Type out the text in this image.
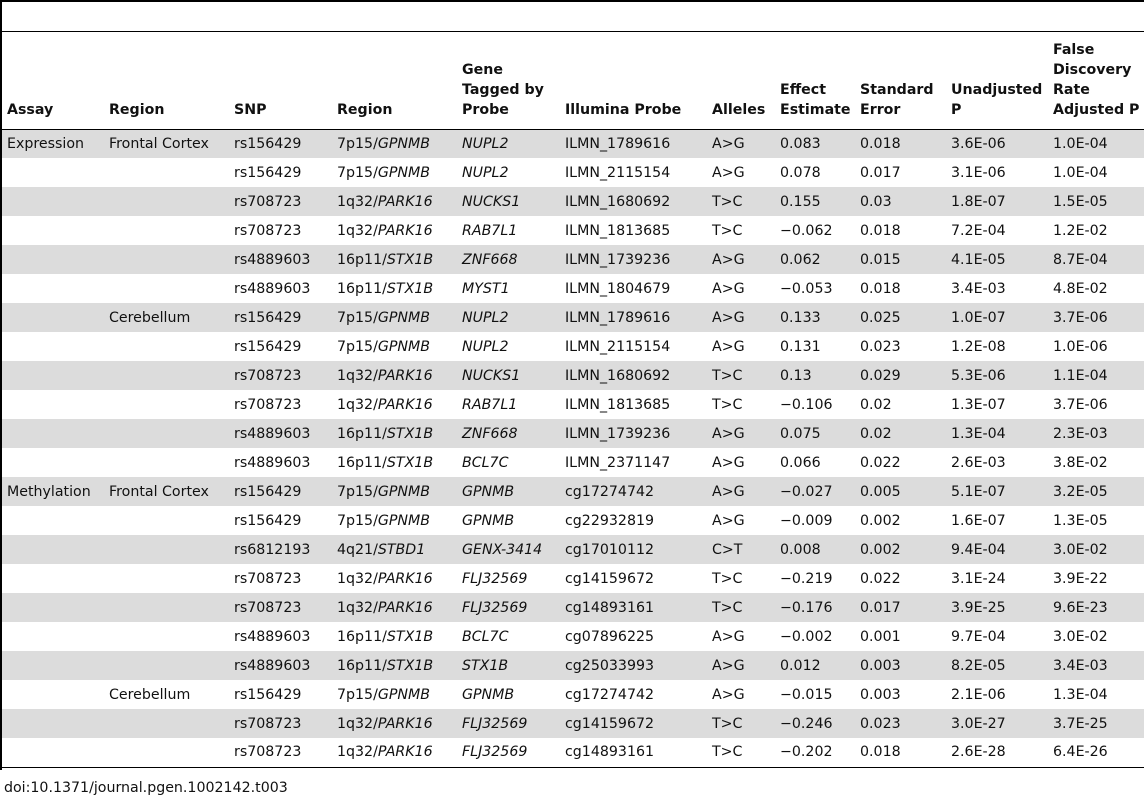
Assay	Region	SNP	Region	Gene Tagged by Probe	Illumina Probe	Alleles	Effect Estimate	Standard Error	Unadjusted P	False Discovery Rate Adjusted P
Expression	Frontal Cortex	rs156429	7p15/GPNMB	NUPL2	ILMN_1789616	A>G	0.083	0.018	3.6E-06	1.0E-04
		rs156429	7p15/GPNMB	NUPL2	ILMN_2115154	A>G	0.078	0.017	3.1E-06	1.0E-04
		rs708723	1q32/PARK16	NUCKS1	ILMN_1680692	T>C	0.155	0.03	1.8E-07	1.5E-05
		rs708723	1q32/PARK16	RAB7L1	ILMN_1813685	T>C	−0.062	0.018	7.2E-04	1.2E-02
		rs4889603	16p11/STX1B	ZNF668	ILMN_1739236	A>G	0.062	0.015	4.1E-05	8.7E-04
		rs4889603	16p11/STX1B	MYST1	ILMN_1804679	A>G	−0.053	0.018	3.4E-03	4.8E-02
	Cerebellum	rs156429	7p15/GPNMB	NUPL2	ILMN_1789616	A>G	0.133	0.025	1.0E-07	3.7E-06
		rs156429	7p15/GPNMB	NUPL2	ILMN_2115154	A>G	0.131	0.023	1.2E-08	1.0E-06
		rs708723	1q32/PARK16	NUCKS1	ILMN_1680692	T>C	0.13	0.029	5.3E-06	1.1E-04
		rs708723	1q32/PARK16	RAB7L1	ILMN_1813685	T>C	−0.106	0.02	1.3E-07	3.7E-06
		rs4889603	16p11/STX1B	ZNF668	ILMN_1739236	A>G	0.075	0.02	1.3E-04	2.3E-03
		rs4889603	16p11/STX1B	BCL7C	ILMN_2371147	A>G	0.066	0.022	2.6E-03	3.8E-02
Methylation	Frontal Cortex	rs156429	7p15/GPNMB	GPNMB	cg17274742	A>G	−0.027	0.005	5.1E-07	3.2E-05
		rs156429	7p15/GPNMB	GPNMB	cg22932819	A>G	−0.009	0.002	1.6E-07	1.3E-05
		rs6812193	4q21/STBD1	GENX-3414	cg17010112	C>T	0.008	0.002	9.4E-04	3.0E-02
		rs708723	1q32/PARK16	FLJ32569	cg14159672	T>C	−0.219	0.022	3.1E-24	3.9E-22
		rs708723	1q32/PARK16	FLJ32569	cg14893161	T>C	−0.176	0.017	3.9E-25	9.6E-23
		rs4889603	16p11/STX1B	BCL7C	cg07896225	A>G	−0.002	0.001	9.7E-04	3.0E-02
		rs4889603	16p11/STX1B	STX1B	cg25033993	A>G	0.012	0.003	8.2E-05	3.4E-03
	Cerebellum	rs156429	7p15/GPNMB	GPNMB	cg17274742	A>G	−0.015	0.003	2.1E-06	1.3E-04
		rs708723	1q32/PARK16	FLJ32569	cg14159672	T>C	−0.246	0.023	3.0E-27	3.7E-25
		rs708723	1q32/PARK16	FLJ32569	cg14893161	T>C	−0.202	0.018	2.6E-28	6.4E-26
doi:10.1371/journal.pgen.1002142.t003
